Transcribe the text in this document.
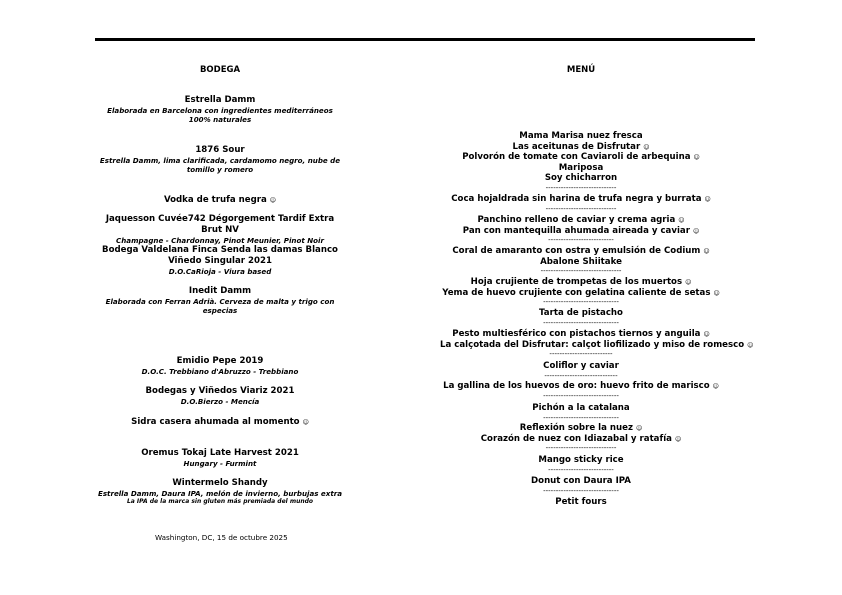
BODEGA
Estrella Damm
Elaborada en Barcelona con ingredientes mediterráneos 100% naturales
1876 Sour
Estrella Damm, lima clarificada, cardamomo negro, nube de tomillo y romero
Vodka de trufa negra ☺
Jaquesson Cuvée742 Dégorgement Tardif Extra Brut NV
Champagne - Chardonnay, Pinot Meunier, Pinot Noir
Bodega Valdelana Finca Senda las damas Blanco Viñedo Singular 2021
D.O.CaRioja - Viura based
Inedit Damm
Elaborada con Ferran Adrià. Cerveza de malta y trigo con especias
Emidio Pepe 2019
D.O.C. Trebbiano d'Abruzzo - Trebbiano
Bodegas y Viñedos Viariz 2021
D.O.Bierzo - Mencía
Sidra casera ahumada al momento ☺
Oremus Tokaj Late Harvest 2021
Hungary - Furmint
Wintermelo Shandy
Estrella Damm, Daura IPA, melón de invierno, burbujas extra
La IPA de la marca sin gluten más premiada del mundo
Washington, DC, 15 de octubre 2025
MENÚ
Mama Marisa nuez fresca
Las aceitunas de Disfrutar ☺
Polvorón de tomate con Caviaroli de arbequina ☺
Mariposa
Soy chicharron
----------------------------
Coca hojaldrada sin harina de trufa negra y burrata ☺
----------------------------
Panchino relleno de caviar y crema agria ☺
Pan con mantequilla ahumada aireada y caviar ☺
--------------------------
Coral de amaranto con ostra y emulsión de Codium ☺
Abalone Shiitake
--------------------------------
Hoja crujiente de trompetas de los muertos ☺
Yema de huevo crujiente con gelatina caliente de setas ☺
------------------------------
Tarta de pistacho
------------------------------
Pesto multiesférico con pistachos tiernos y anguila ☺
La calçotada del Disfrutar: calçot liofilizado y miso de romesco ☺
-------------------------
Coliflor y caviar
-----------------------------
La gallina de los huevos de oro: huevo frito de marisco ☺
------------------------------
Pichón a la catalana
------------------------------
Reflexión sobre la nuez ☺
Corazón de nuez con Idiazabal y ratafía ☺
----------------------------
Mango sticky rice
--------------------------
Donut con Daura IPA
------------------------------
Petit fours
